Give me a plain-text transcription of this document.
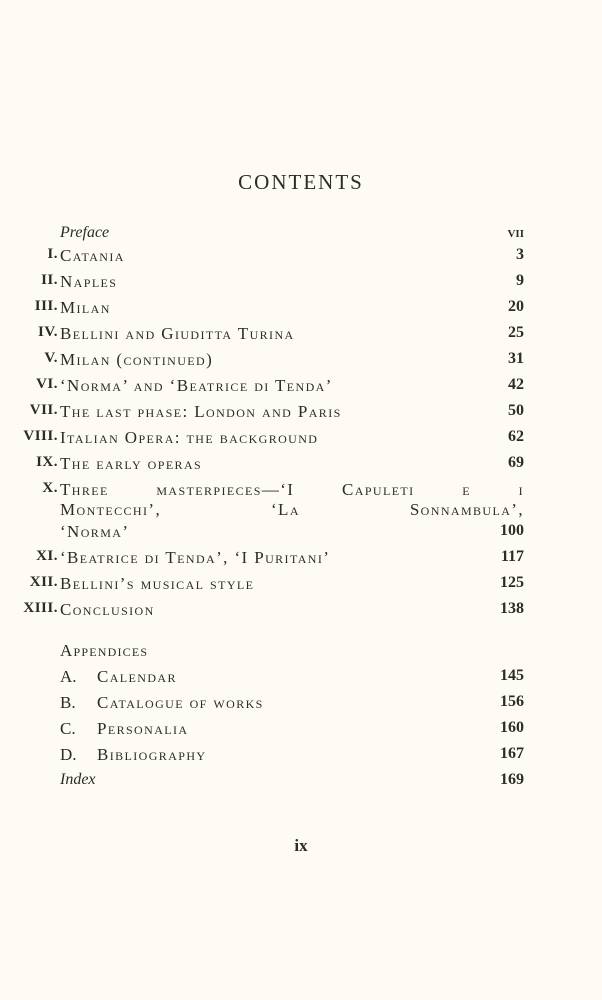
CONTENTS
Preface	vii
I. Catania	3
II. Naples	9
III. Milan	20
IV. Bellini and Giuditta Turina	25
V. Milan (continued)	31
VI. ‘Norma’ and ‘Beatrice di Tenda’	42
VII. The last phase: London and Paris	50
VIII. Italian Opera: the background	62
IX. The early operas	69
X. Three	masterpieces—‘I	Capuleti	e	i
Montecchi’,	‘La	Sonnambula’,
‘Norma’	100
XI. ‘Beatrice di Tenda’, ‘I Puritani’	117
XII. Bellini’s musical style	125
XIII. Conclusion	138
Appendices
A. Calendar	145
B. Catalogue of works	156
C. Personalia	160
D. Bibliography	167
Index	169
ix
